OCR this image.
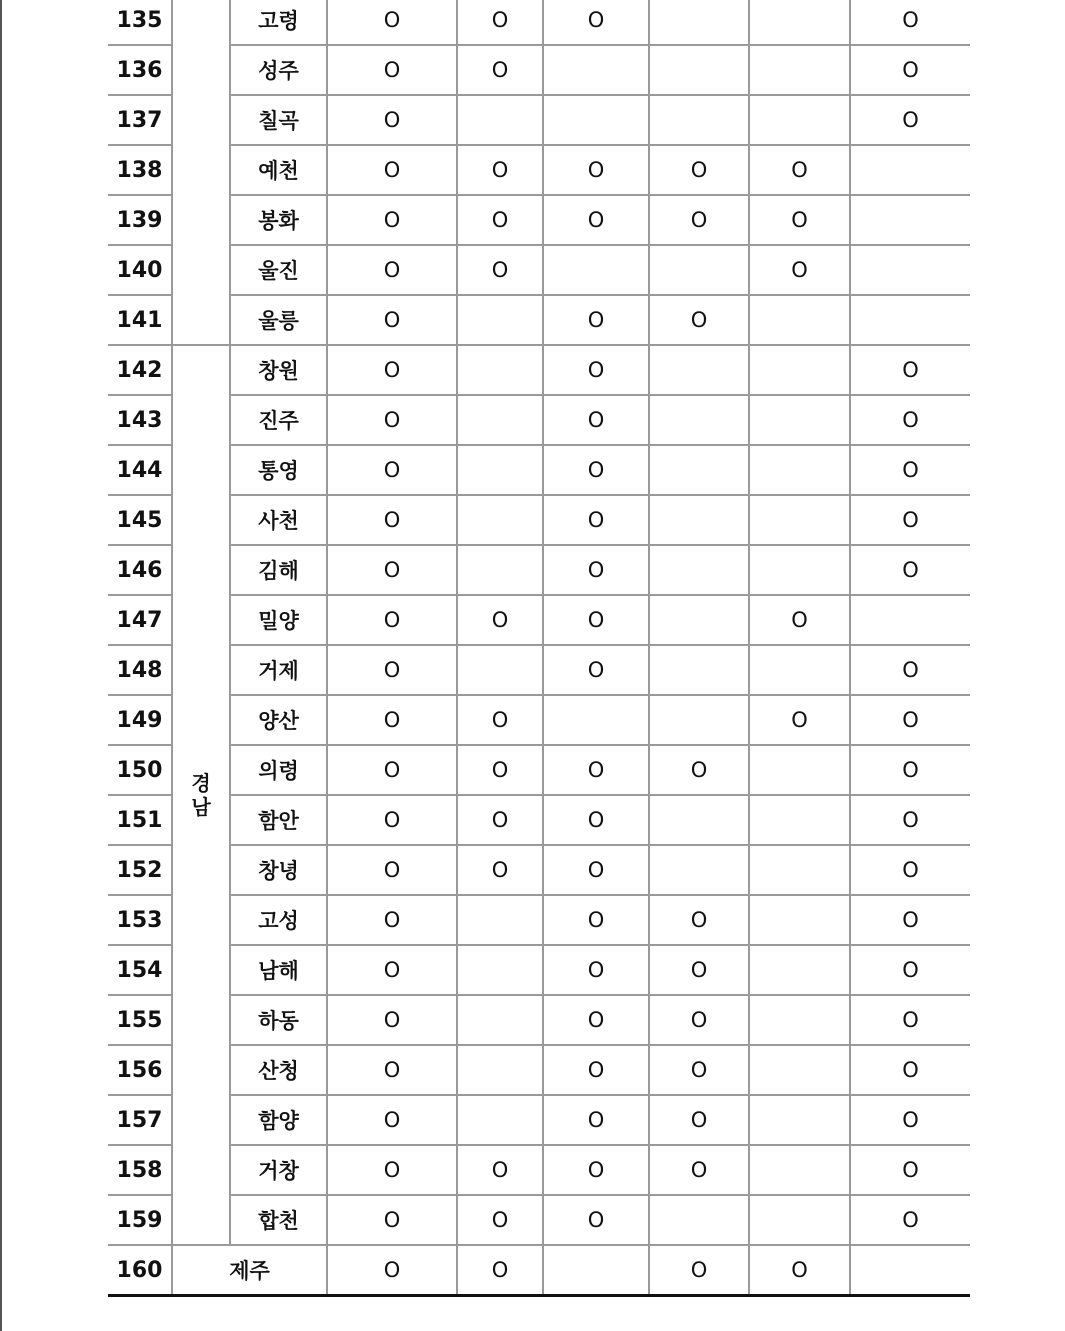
135		고령	O	O	O			O
136		성주	O	O				O
137		칠곡	O					O
138		예천	O	O	O	O	O	
139		봉화	O	O	O	O	O	
140		울진	O	O			O	
141		울릉	O		O	O		
142	경남	창원	O		O			O
143		진주	O		O			O
144		통영	O		O			O
145		사천	O		O			O
146		김해	O		O			O
147		밀양	O	O	O		O	
148		거제	O		O			O
149		양산	O	O			O	O
150		의령	O	O	O	O		O
151		함안	O	O	O			O
152		창녕	O	O	O			O
153		고성	O		O	O		O
154		남해	O		O	O		O
155		하동	O		O	O		O
156		산청	O		O	O		O
157		함양	O		O	O		O
158		거창	O	O	O	O		O
159		합천	O	O	O			O
160	제주		O	O		O	O	
